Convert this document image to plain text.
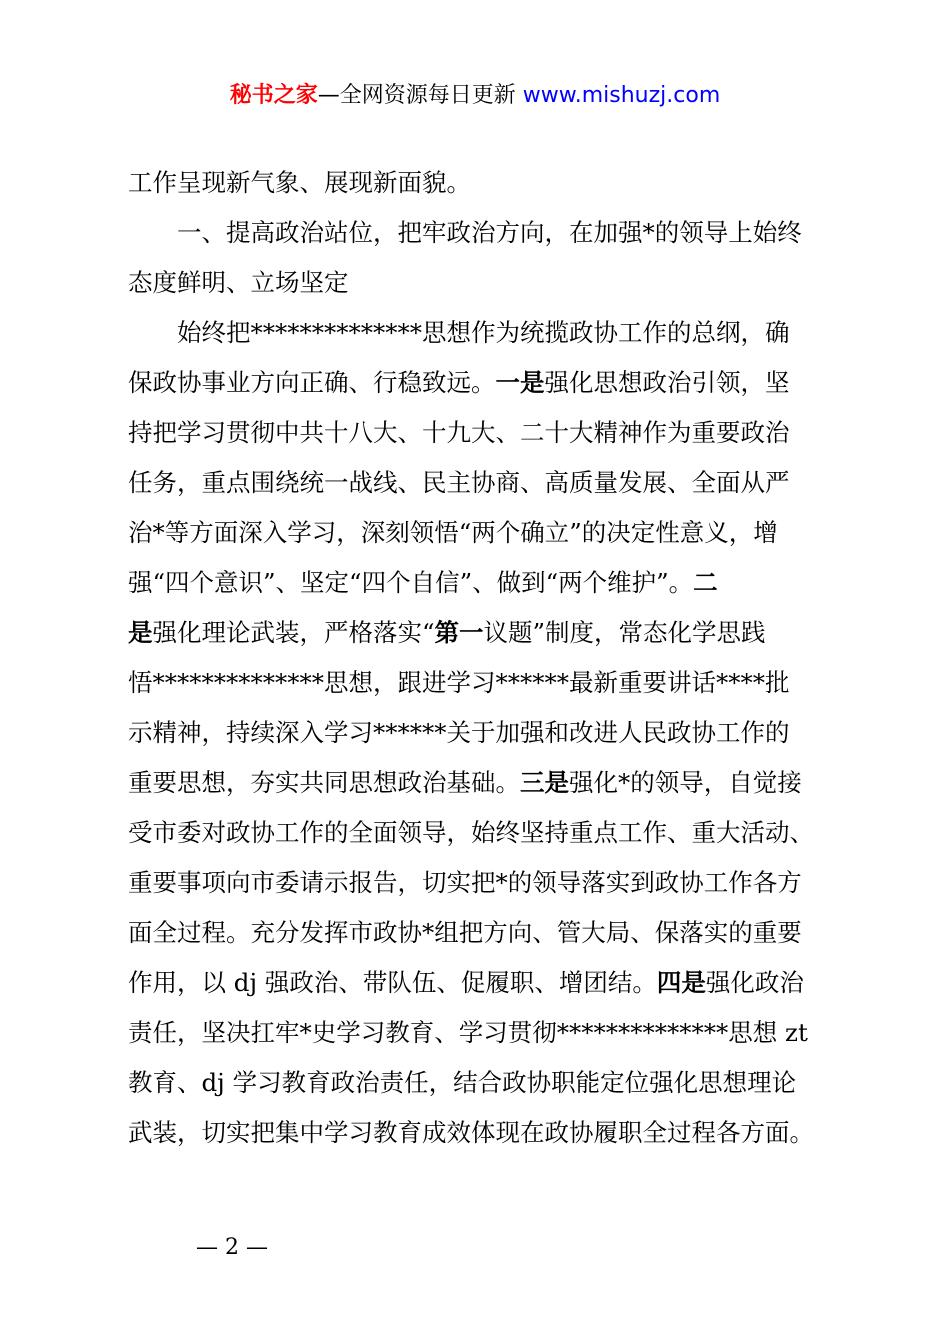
秘书之家—全网资源每日更新 www.mishuzj.com
工作呈现新气象、展现新面貌。
　　一、提高政治站位，把牢政治方向，在加强*的领导上始终
态度鲜明、立场坚定
　　始终把**************思想作为统揽政协工作的总纲，确
保政协事业方向正确、行稳致远。一是强化思想政治引领，坚
持把学习贯彻中共十八大、十九大、二十大精神作为重要政治
任务，重点围绕统一战线、民主协商、高质量发展、全面从严
治*等方面深入学习，深刻领悟“两个确立”的决定性意义，增
强“四个意识”、坚定“四个自信”、做到“两个维护”。二
是强化理论武装，严格落实“第一议题”制度，常态化学思践
悟**************思想，跟进学习******最新重要讲话****批
示精神，持续深入学习******关于加强和改进人民政协工作的
重要思想，夯实共同思想政治基础。三是强化*的领导，自觉接
受市委对政协工作的全面领导，始终坚持重点工作、重大活动、
重要事项向市委请示报告，切实把*的领导落实到政协工作各方
面全过程。充分发挥市政协*组把方向、管大局、保落实的重要
作用，以 dj 强政治、带队伍、促履职、增团结。四是强化政治
责任，坚决扛牢*史学习教育、学习贯彻**************思想 zt
教育、dj 学习教育政治责任，结合政协职能定位强化思想理论
武装，切实把集中学习教育成效体现在政协履职全过程各方面。
— 2 —
